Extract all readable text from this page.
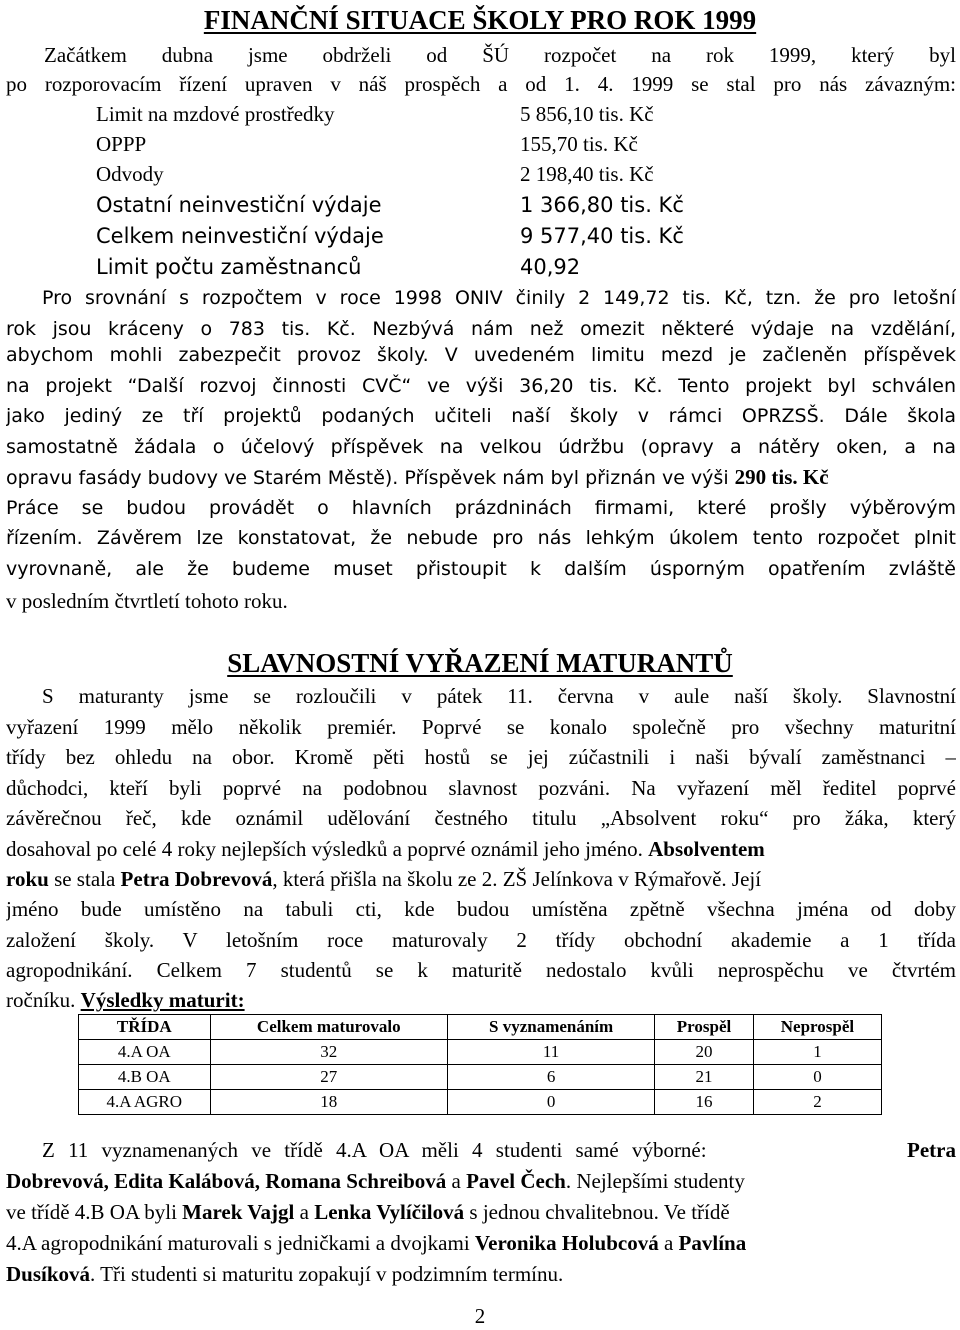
FINANČNÍ SITUACE ŠKOLY PRO ROK 1999
Začátkem dubna jsme obdrželi od ŠÚ rozpočet na rok 1999, který byl
po rozporovacím řízení upraven v náš prospěch a od 1. 4. 1999 se stal pro nás závazným:
Limit na mzdové prostředky	5 856,10 tis. Kč
OPPP	155,70 tis. Kč
Odvody	2 198,40 tis. Kč
Ostatní neinvestiční výdaje	1 366,80 tis. Kč
Celkem neinvestiční výdaje	9 577,40 tis. Kč
Limit počtu zaměstnanců	40,92
Pro srovnání s rozpočtem v roce 1998 ONIV činily 2 149,72 tis. Kč, tzn. že pro letošní
rok jsou kráceny o 783 tis. Kč. Nezbývá nám než omezit některé výdaje na vzdělání,
abychom mohli zabezpečit provoz školy. V uvedeném limitu mezd je začleněn příspěvek
na projekt “Další rozvoj činnosti CVČ“ ve výši 36,20 tis. Kč. Tento projekt byl schválen
jako jediný ze tří projektů podaných učiteli naší školy v rámci OPRZSŠ. Dále škola
samostatně žádala o účelový příspěvek na velkou údržbu (opravy a nátěry oken, a na
opravu fasády budovy ve Starém Městě). Příspěvek nám byl přiznán ve výši 290 tis. Kč
Práce se budou provádět o hlavních prázdninách firmami, které prošly výběrovým
řízením. Závěrem lze konstatovat, že nebude pro nás lehkým úkolem tento rozpočet plnit
vyrovnaně, ale že budeme muset přistoupit k dalším úsporným opatřením zvláště
v posledním čtvrtletí tohoto roku.
SLAVNOSTNÍ VYŘAZENÍ MATURANTŮ
S maturanty jsme se rozloučili v pátek 11. června v aule naší školy. Slavnostní
vyřazení 1999 mělo několik premiér. Poprvé se konalo společně pro všechny maturitní
třídy bez ohledu na obor. Kromě pěti hostů se jej zúčastnili i naši bývalí zaměstnanci –
důchodci, kteří byli poprvé na podobnou slavnost pozváni. Na vyřazení měl ředitel poprvé
závěrečnou řeč, kde oznámil udělování čestného titulu „Absolvent roku“ pro žáka, který
dosahoval po celé 4 roky nejlepších výsledků a poprvé oznámil jeho jméno. Absolventem
roku se stala Petra Dobrevová, která přišla na školu ze 2. ZŠ Jelínkova v Rýmařově. Její
jméno bude umístěno na tabuli cti, kde budou umístěna zpětně všechna jména od doby
založení školy. V letošním roce maturovaly 2 třídy obchodní akademie a 1 třída
agropodnikání. Celkem 7 studentů se k maturitě nedostalo kvůli neprospěchu ve čtvrtém
ročníku. Výsledky maturit:
TŘÍDA	Celkem maturovalo	S vyznamenáním	Prospěl	Neprospěl
4.A OA	32	11	20	1
4.B OA	27	6	21	0
4.A AGRO	18	0	16	2
Z 11 vyznamenaných ve třídě 4.A OA měli 4 studenti samé výborné:	Petra
Dobrevová, Edita Kalábová, Romana Schreibová a Pavel Čech. Nejlepšími studenty
ve třídě 4.B OA byli Marek Vajgl a Lenka Vylíčilová s jednou chvalitebnou. Ve třídě
4.A agropodnikání maturovali s jedničkami a dvojkami Veronika Holubcová a Pavlína
Dusíková. Tři studenti si maturitu zopakují v podzimním termínu.
2
